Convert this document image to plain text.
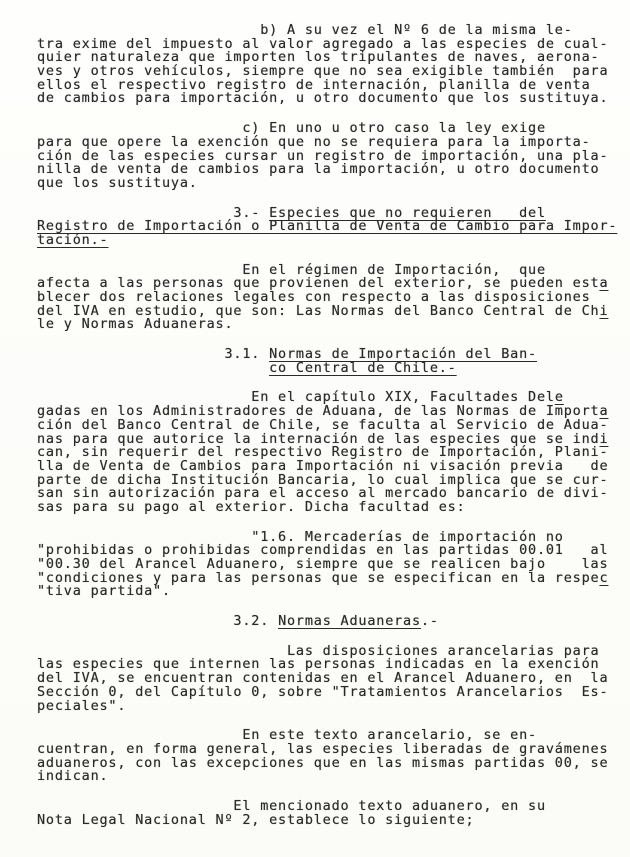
b) A su vez el Nº 6 de la misma le-
tra exime del impuesto al valor agregado a las especies de cual-
quier naturaleza que importen los tripulantes de naves, aerona-
ves y otros vehículos, siempre que no sea exigible también  para
ellos el respectivo registro de internación, planilla de venta
de cambios para importación, u otro documento que los sustituya.
c) En uno u otro caso la ley exige
para que opere la exención que no se requiera para la importa-
ción de las especies cursar un registro de importación, una pla-
nilla de venta de cambios para la importación, u otro documento
que los sustituya.
3.- Especies que no requieren   del
Registro de Importación o Planilla de Venta de Cambio para Impor-
tación.-
En el régimen de Importación,  que
afecta a las personas que provienen del exterior, se pueden esta
blecer dos relaciones legales con respecto a las disposiciones
del IVA en estudio, que son: Las Normas del Banco Central de Chi
le y Normas Aduaneras.
3.1. Normas de Importación del Ban-
co Central de Chile.-
En el capítulo XIX, Facultades Dele
gadas en los Administradores de Aduana, de las Normas de Importa
ción del Banco Central de Chile, se faculta al Servicio de Adua-
nas para que autorice la internación de las especies que se indi
can, sin requerir del respectivo Registro de Importación, Plani-
lla de Venta de Cambios para Importación ni visación previa   de
parte de dicha Institución Bancaria, lo cual implica que se cur-
san sin autorización para el acceso al mercado bancario de divi-
sas para su pago al exterior. Dicha facultad es:
"1.6. Mercaderías de importación no
"prohibidas o prohibidas comprendidas en las partidas 00.01   al
"00.30 del Arancel Aduanero, siempre que se realicen bajo    las
"condiciones y para las personas que se especifican en la respec
"tiva partida".
3.2. Normas Aduaneras.-
Las disposiciones arancelarias para
las especies que internen las personas indicadas en la exención
del IVA, se encuentran contenidas en el Arancel Aduanero, en  la
Sección 0, del Capítulo 0, sobre "Tratamientos Arancelarios  Es-
peciales".
En este texto arancelario, se en-
cuentran, en forma general, las especies liberadas de gravámenes
aduaneros, con las excepciones que en las mismas partidas 00, se
indican.
El mencionado texto aduanero, en su
Nota Legal Nacional Nº 2, establece lo siguiente;
